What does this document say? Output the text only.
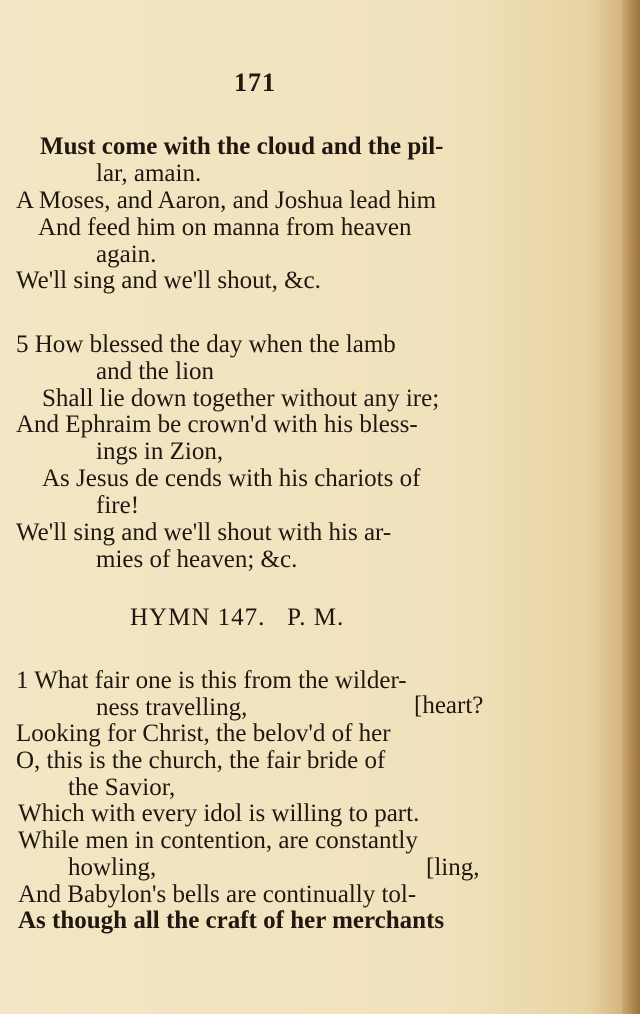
171
Must come with the cloud and the pil-
lar, amain.
A Moses, and Aaron, and Joshua lead him
And feed him on manna from heaven
again.
We'll sing and we'll shout, &c.
5 How blessed the day when the lamb
and the lion
Shall lie down together without any ire;
And Ephraim be crown'd with his bless-
ings in Zion,
As Jesus de cends with his chariots of
fire!
We'll sing and we'll shout with his ar-
mies of heaven; &c.
HYMN 147.   P. M.
1 What fair one is this from the wilder-
ness travelling,	[heart?
Looking for Christ, the belov'd of her
O, this is the church, the fair bride of
the Savior,
Which with every idol is willing to part.
While men in contention, are constantly
howling,	[ling,
And Babylon's bells are continually tol-
As though all the craft of her merchants
